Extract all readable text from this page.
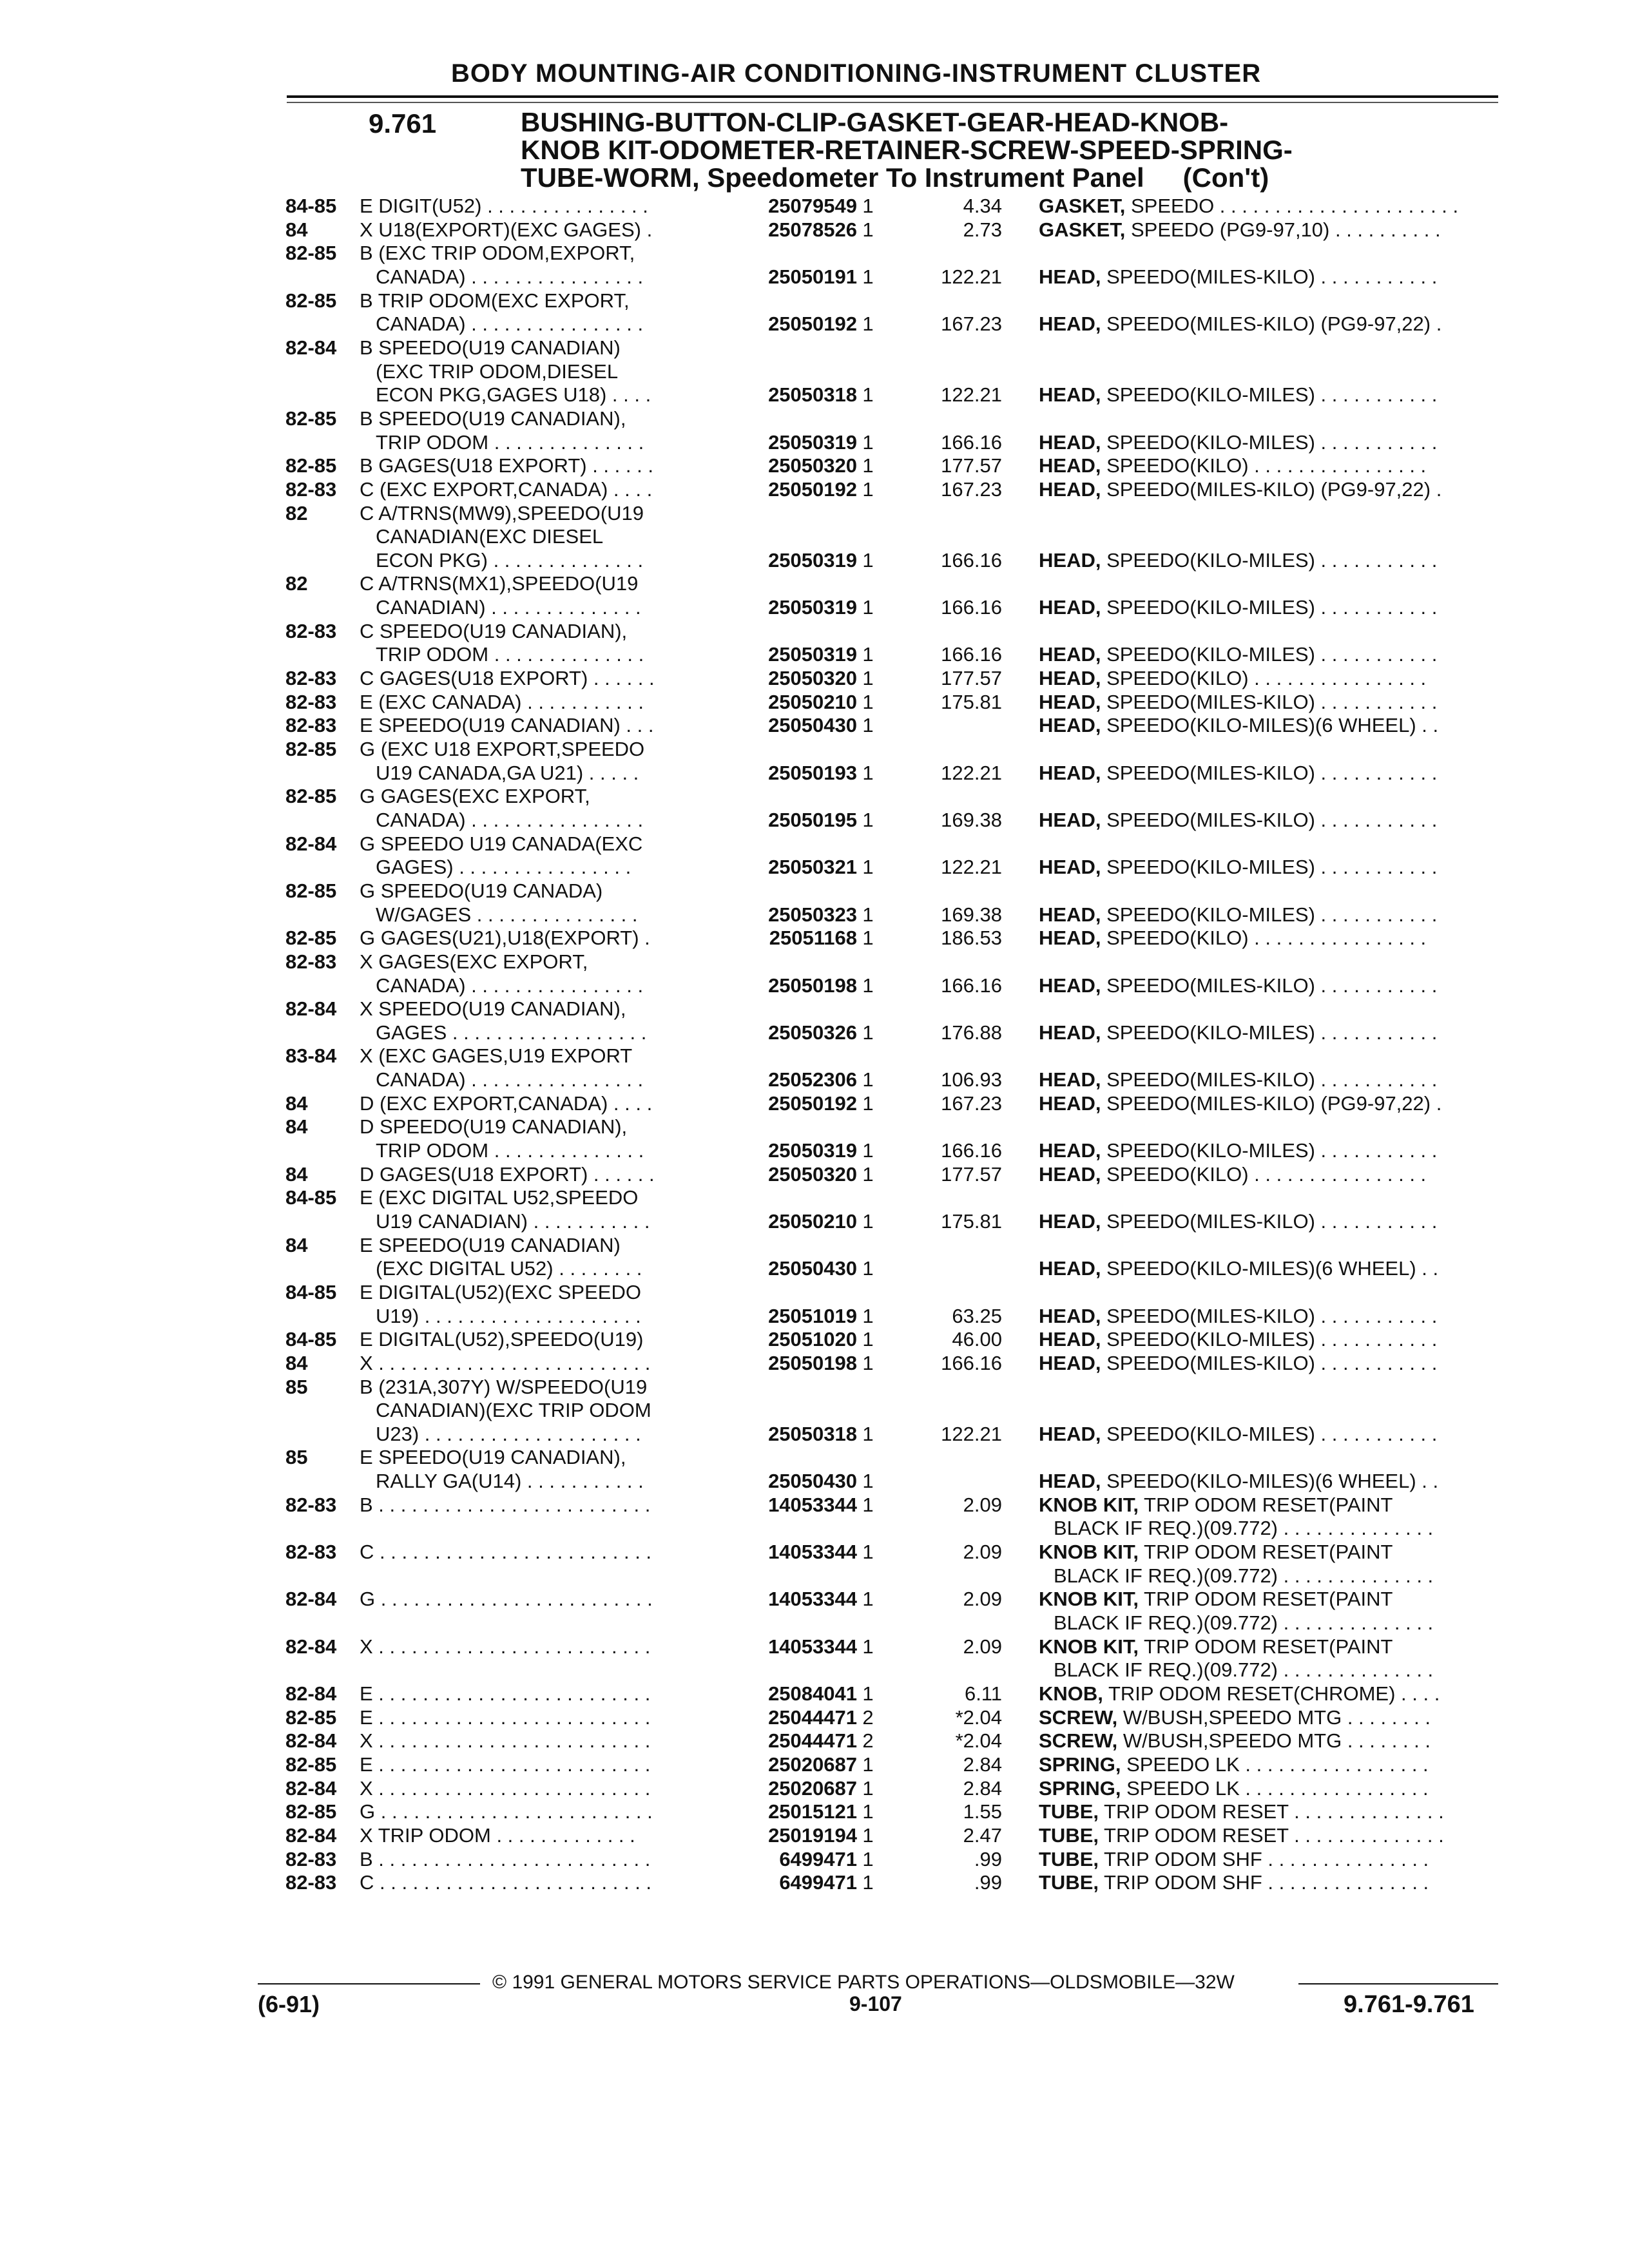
BODY MOUNTING-AIR CONDITIONING-INSTRUMENT CLUSTER
9.761	BUSHING-BUTTON-CLIP-GASKET-GEAR-HEAD-KNOB-
KNOB KIT-ODOMETER-RETAINER-SCREW-SPEED-SPRING-
TUBE-WORM, Speedometer To Instrument Panel (Con't)
84-85 E DIGIT(U52) . . . . . . . . . . . . . . .	25079549 1	4.34 GASKET, SPEEDO . . . . . . . . . . . . . . . . . . . . . .
84	X U18(EXPORT)(EXC GAGES) .	25078526 1	2.73 GASKET, SPEEDO (PG9-97,10) . . . . . . . . . .
82-85 B (EXC TRIP ODOM,EXPORT,
CANADA) . . . . . . . . . . . . . . . .	25050191 1	122.21 HEAD, SPEEDO(MILES-KILO) . . . . . . . . . . .
82-85 B TRIP ODOM(EXC EXPORT,
CANADA) . . . . . . . . . . . . . . . .	25050192 1	167.23 HEAD, SPEEDO(MILES-KILO) (PG9-97,22) .
82-84 B SPEEDO(U19 CANADIAN)
(EXC TRIP ODOM,DIESEL
ECON PKG,GAGES U18) . . . .	25050318 1	122.21 HEAD, SPEEDO(KILO-MILES) . . . . . . . . . . .
82-85 B SPEEDO(U19 CANADIAN),
TRIP ODOM . . . . . . . . . . . . . .	25050319 1	166.16 HEAD, SPEEDO(KILO-MILES) . . . . . . . . . . .
82-85 B GAGES(U18 EXPORT) . . . . . .	25050320 1	177.57 HEAD, SPEEDO(KILO) . . . . . . . . . . . . . . . .
82-83 C (EXC EXPORT,CANADA) . . . .	25050192 1	167.23 HEAD, SPEEDO(MILES-KILO) (PG9-97,22) .
82	C A/TRNS(MW9),SPEEDO(U19
CANADIAN(EXC DIESEL
ECON PKG) . . . . . . . . . . . . . .	25050319 1	166.16 HEAD, SPEEDO(KILO-MILES) . . . . . . . . . . .
82	C A/TRNS(MX1),SPEEDO(U19
CANADIAN) . . . . . . . . . . . . . .	25050319 1	166.16 HEAD, SPEEDO(KILO-MILES) . . . . . . . . . . .
82-83 C SPEEDO(U19 CANADIAN),
TRIP ODOM . . . . . . . . . . . . . .	25050319 1	166.16 HEAD, SPEEDO(KILO-MILES) . . . . . . . . . . .
82-83 C GAGES(U18 EXPORT) . . . . . .	25050320 1	177.57 HEAD, SPEEDO(KILO) . . . . . . . . . . . . . . . .
82-83 E (EXC CANADA) . . . . . . . . . . .	25050210 1	175.81 HEAD, SPEEDO(MILES-KILO) . . . . . . . . . . .
82-83 E SPEEDO(U19 CANADIAN) . . .	25050430 1	HEAD, SPEEDO(KILO-MILES)(6 WHEEL) . .
82-85 G (EXC U18 EXPORT,SPEEDO
U19 CANADA,GA U21) . . . . .	25050193 1	122.21 HEAD, SPEEDO(MILES-KILO) . . . . . . . . . . .
82-85 G GAGES(EXC EXPORT,
CANADA) . . . . . . . . . . . . . . . .	25050195 1	169.38 HEAD, SPEEDO(MILES-KILO) . . . . . . . . . . .
82-84 G SPEEDO U19 CANADA(EXC
GAGES) . . . . . . . . . . . . . . . .	25050321 1	122.21 HEAD, SPEEDO(KILO-MILES) . . . . . . . . . . .
82-85 G SPEEDO(U19 CANADA)
W/GAGES . . . . . . . . . . . . . . .	25050323 1	169.38 HEAD, SPEEDO(KILO-MILES) . . . . . . . . . . .
82-85 G GAGES(U21),U18(EXPORT) .	25051168 1	186.53 HEAD, SPEEDO(KILO) . . . . . . . . . . . . . . . .
82-83 X GAGES(EXC EXPORT,
CANADA) . . . . . . . . . . . . . . . .	25050198 1	166.16 HEAD, SPEEDO(MILES-KILO) . . . . . . . . . . .
82-84 X SPEEDO(U19 CANADIAN),
GAGES . . . . . . . . . . . . . . . . . .	25050326 1	176.88 HEAD, SPEEDO(KILO-MILES) . . . . . . . . . . .
83-84 X (EXC GAGES,U19 EXPORT
CANADA) . . . . . . . . . . . . . . . .	25052306 1	106.93 HEAD, SPEEDO(MILES-KILO) . . . . . . . . . . .
84	D (EXC EXPORT,CANADA) . . . .	25050192 1	167.23 HEAD, SPEEDO(MILES-KILO) (PG9-97,22) .
84	D SPEEDO(U19 CANADIAN),
TRIP ODOM . . . . . . . . . . . . . .	25050319 1	166.16 HEAD, SPEEDO(KILO-MILES) . . . . . . . . . . .
84	D GAGES(U18 EXPORT) . . . . . .	25050320 1	177.57 HEAD, SPEEDO(KILO) . . . . . . . . . . . . . . . .
84-85 E (EXC DIGITAL U52,SPEEDO
U19 CANADIAN) . . . . . . . . . . .	25050210 1	175.81 HEAD, SPEEDO(MILES-KILO) . . . . . . . . . . .
84	E SPEEDO(U19 CANADIAN)
(EXC DIGITAL U52) . . . . . . . .	25050430 1	HEAD, SPEEDO(KILO-MILES)(6 WHEEL) . .
84-85 E DIGITAL(U52)(EXC SPEEDO
U19) . . . . . . . . . . . . . . . . . . . .	25051019 1	63.25 HEAD, SPEEDO(MILES-KILO) . . . . . . . . . . .
84-85 E DIGITAL(U52),SPEEDO(U19)	25051020 1	46.00 HEAD, SPEEDO(KILO-MILES) . . . . . . . . . . .
84	X . . . . . . . . . . . . . . . . . . . . . . . . .	25050198 1	166.16 HEAD, SPEEDO(MILES-KILO) . . . . . . . . . . .
85	B (231A,307Y) W/SPEEDO(U19
CANADIAN)(EXC TRIP ODOM
U23) . . . . . . . . . . . . . . . . . . . .	25050318 1	122.21 HEAD, SPEEDO(KILO-MILES) . . . . . . . . . . .
85	E SPEEDO(U19 CANADIAN),
RALLY GA(U14) . . . . . . . . . . .	25050430 1	HEAD, SPEEDO(KILO-MILES)(6 WHEEL) . .
82-83 B . . . . . . . . . . . . . . . . . . . . . . . . .	14053344 1	2.09 KNOB KIT, TRIP ODOM RESET(PAINT
BLACK IF REQ.)(09.772) . . . . . . . . . . . . . .
82-83 C . . . . . . . . . . . . . . . . . . . . . . . . .	14053344 1	2.09 KNOB KIT, TRIP ODOM RESET(PAINT
BLACK IF REQ.)(09.772) . . . . . . . . . . . . . .
82-84 G . . . . . . . . . . . . . . . . . . . . . . . . .	14053344 1	2.09 KNOB KIT, TRIP ODOM RESET(PAINT
BLACK IF REQ.)(09.772) . . . . . . . . . . . . . .
82-84 X . . . . . . . . . . . . . . . . . . . . . . . . .	14053344 1	2.09 KNOB KIT, TRIP ODOM RESET(PAINT
BLACK IF REQ.)(09.772) . . . . . . . . . . . . . .
82-84 E . . . . . . . . . . . . . . . . . . . . . . . . .	25084041 1	6.11 KNOB, TRIP ODOM RESET(CHROME) . . . .
82-85 E . . . . . . . . . . . . . . . . . . . . . . . . .	25044471 2	*2.04 SCREW, W/BUSH,SPEEDO MTG . . . . . . . .
82-84 X . . . . . . . . . . . . . . . . . . . . . . . . .	25044471 2	*2.04 SCREW, W/BUSH,SPEEDO MTG . . . . . . . .
82-85 E . . . . . . . . . . . . . . . . . . . . . . . . .	25020687 1	2.84 SPRING, SPEEDO LK . . . . . . . . . . . . . . . . .
82-84 X . . . . . . . . . . . . . . . . . . . . . . . . .	25020687 1	2.84 SPRING, SPEEDO LK . . . . . . . . . . . . . . . . .
82-85 G . . . . . . . . . . . . . . . . . . . . . . . . .	25015121 1	1.55 TUBE, TRIP ODOM RESET . . . . . . . . . . . . . .
82-84 X TRIP ODOM . . . . . . . . . . . . .	25019194 1	2.47 TUBE, TRIP ODOM RESET . . . . . . . . . . . . . .
82-83 B . . . . . . . . . . . . . . . . . . . . . . . . .	6499471 1	.99 TUBE, TRIP ODOM SHF . . . . . . . . . . . . . . .
82-83 C . . . . . . . . . . . . . . . . . . . . . . . . .	6499471 1	.99 TUBE, TRIP ODOM SHF . . . . . . . . . . . . . . .
© 1991 GENERAL MOTORS SERVICE PARTS OPERATIONS—OLDSMOBILE—32W
(6-91)	9-107	9.761-9.761
